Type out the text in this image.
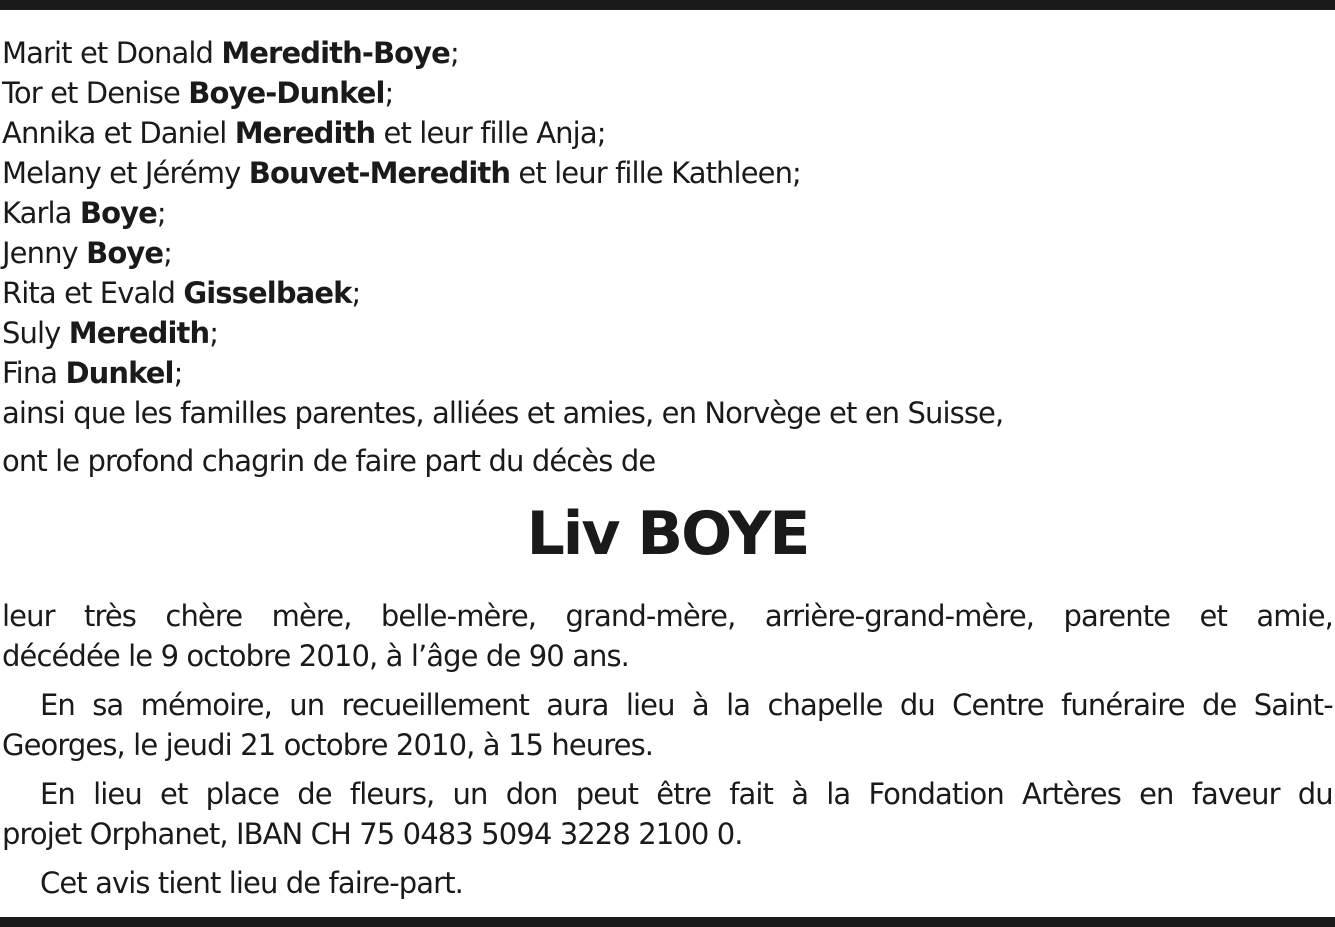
Marit et Donald Meredith-Boye;
Tor et Denise Boye-Dunkel;
Annika et Daniel Meredith et leur fille Anja;
Melany et Jérémy Bouvet-Meredith et leur fille Kathleen;
Karla Boye;
Jenny Boye;
Rita et Evald Gisselbaek;
Suly Meredith;
Fina Dunkel;
ainsi que les familles parentes, alliées et amies, en Norvège et en Suisse,
ont le profond chagrin de faire part du décès de
Liv BOYE
leur très chère mère, belle-mère, grand-mère, arrière-grand-mère, parente et amie,
décédée le 9 octobre 2010, à l’âge de 90 ans.
En sa mémoire, un recueillement aura lieu à la chapelle du Centre funéraire de Saint-
Georges, le jeudi 21 octobre 2010, à 15 heures.
En lieu et place de fleurs, un don peut être fait à la Fondation Artères en faveur du
projet Orphanet, IBAN CH 75 0483 5094 3228 2100 0.
Cet avis tient lieu de faire-part.
